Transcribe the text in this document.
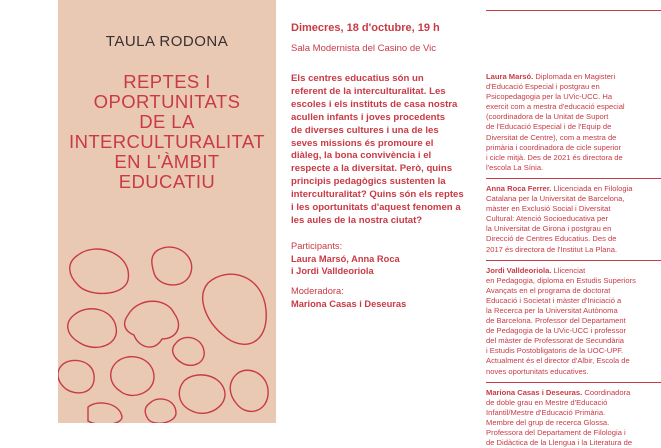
TAULA RODONA
REPTES I
OPORTUNITATS
DE LA
INTERCULTURALITAT
EN L'ÀMBIT
EDUCATIU
Dimecres, 18 d'octubre, 19 h
Sala Modernista del Casino de Vic
Els centres educatius són un
referent de la interculturalitat. Les
escoles i els instituts de casa nostra
acullen infants i joves procedents
de diverses cultures i una de les
seves missions és promoure el
diàleg, la bona convivència i el
respecte a la diversitat. Però, quins
principis pedagògics sustenten la
interculturalitat? Quins són els reptes
i les oportunitats d'aquest fenomen a
les aules de la nostra ciutat?
Participants:
Laura Marsó, Anna Roca
i Jordi Valldeoriola
Moderadora:
Mariona Casas i Deseuras
Laura Marsó. Diplomada en Magisteri
d'Educació Especial i postgrau en
Psicopedagogia per la UVic-UCC. Ha
exercit com a mestra d'educació especial
(coordinadora de la Unitat de Suport
de l'Educació Especial i de l'Equip de
Diversitat de Centre), com a mestra de
primària i coordinadora de cicle superior
i cicle mitjà. Des de 2021 és directora de
l'escola La Sínia.
Anna Roca Ferrer. Llicenciada en Filologia
Catalana per la Universitat de Barcelona,
màster en Exclusió Social i Diversitat
Cultural: Atenció Socioeducativa per
la Universitat de Girona i postgrau en
Direcció de Centres Educatius. Des de
2017 és directora de l'Institut La Plana.
Jordi Valldeoriola. Llicenciat
en Pedagogia, diploma en Estudis Superiors
Avançats en el programa de doctorat
Educació i Societat i màster d'Iniciació a
la Recerca per la Universitat Autònoma
de Barcelona. Professor del Departament
de Pedagogia de la UVic-UCC i professor
del màster de Professorat de Secundària
i Estudis Postobligatoris de la UOC-UPF.
Actualment és el director d'Albir, Escola de
noves oportunitats educatives.
Mariona Casas i Deseuras. Coordinadora
de doble grau en Mestre d'Educació
Infantil/Mestre d'Educació Primària.
Membre del grup de recerca Glossa.
Professora del Departament de Filologia i
de Didàctica de la Llengua i la Literatura de
